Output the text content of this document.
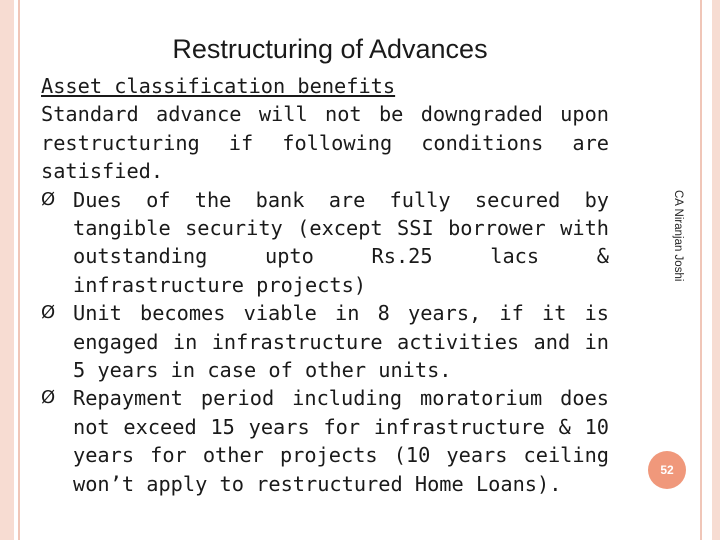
Restructuring of Advances

Asset classification benefits

Standard advance will not be downgraded upon restructuring if following conditions are satisfied.

Ø Dues of the bank are fully secured by tangible security (except SSI borrower with outstanding upto Rs.25 lacs & infrastructure projects)
Ø Unit becomes viable in 8 years, if it is engaged in infrastructure activities and in 5 years in case of other units.
Ø Repayment period including moratorium does not exceed 15 years for infrastructure & 10 years for other projects (10 years ceiling won’t apply to restructured Home Loans).
CA Niranjan Joshi
52
